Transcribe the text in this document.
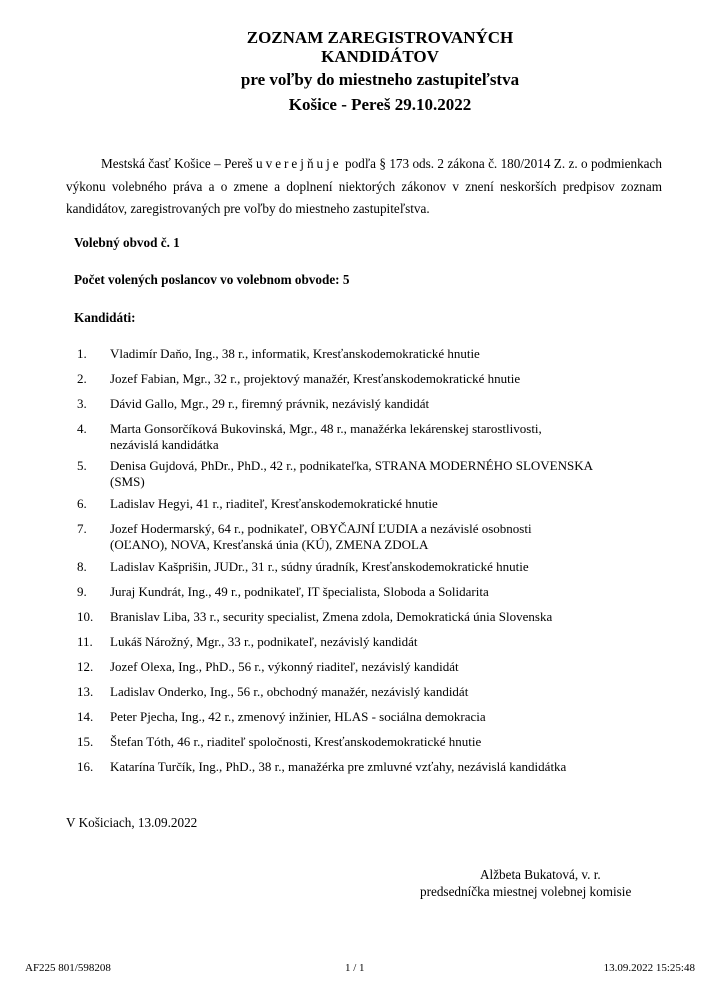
ZOZNAM ZAREGISTROVANÝCH
KANDIDÁTOV
pre voľby do miestneho zastupiteľstva
Košice - Pereš 29.10.2022
Mestská časť Košice – Pereš uverejňuje podľa § 173 ods. 2 zákona č. 180/2014 Z. z. o podmienkach výkonu volebného práva a o zmene a doplnení niektorých zákonov v znení neskorších predpisov zoznam kandidátov, zaregistrovaných pre voľby do miestneho zastupiteľstva.
Volebný obvod č. 1
Počet volených poslancov vo volebnom obvode: 5
Kandidáti:
1.	Vladimír Daňo, Ing., 38 r., informatik, Kresťanskodemokratické hnutie
2.	Jozef Fabian, Mgr., 32 r., projektový manažér, Kresťanskodemokratické hnutie
3.	Dávid Gallo, Mgr., 29 r., firemný právnik, nezávislý kandidát
4.	Marta Gonsorčíková Bukovinská, Mgr., 48 r., manažérka lekárenskej starostlivosti,
nezávislá kandidátka
5.	Denisa Gujdová, PhDr., PhD., 42 r., podnikateľka, STRANA MODERNÉHO SLOVENSKA
(SMS)
6.	Ladislav Hegyi, 41 r., riaditeľ, Kresťanskodemokratické hnutie
7.	Jozef Hodermarský, 64 r., podnikateľ, OBYČAJNÍ ĽUDIA a nezávislé osobnosti
(OĽANO), NOVA, Kresťanská únia (KÚ), ZMENA ZDOLA
8.	Ladislav Kašprišin, JUDr., 31 r., súdny úradník, Kresťanskodemokratické hnutie
9.	Juraj Kundrát, Ing., 49 r., podnikateľ, IT špecialista, Sloboda a Solidarita
10.	Branislav Liba, 33 r., security specialist, Zmena zdola, Demokratická únia Slovenska
11.	Lukáš Nárožný, Mgr., 33 r., podnikateľ, nezávislý kandidát
12.	Jozef Olexa, Ing., PhD., 56 r., výkonný riaditeľ, nezávislý kandidát
13.	Ladislav Onderko, Ing., 56 r., obchodný manažér, nezávislý kandidát
14.	Peter Pjecha, Ing., 42 r., zmenový inžinier, HLAS - sociálna demokracia
15.	Štefan Tóth, 46 r., riaditeľ spoločnosti, Kresťanskodemokratické hnutie
16.	Katarína Turčík, Ing., PhD., 38 r., manažérka pre zmluvné vzťahy, nezávislá kandidátka
V Košiciach, 13.09.2022
Alžbeta Bukatová, v. r.
predsedníčka miestnej volebnej komisie
AF225 801/598208	1 / 1	13.09.2022 15:25:48
